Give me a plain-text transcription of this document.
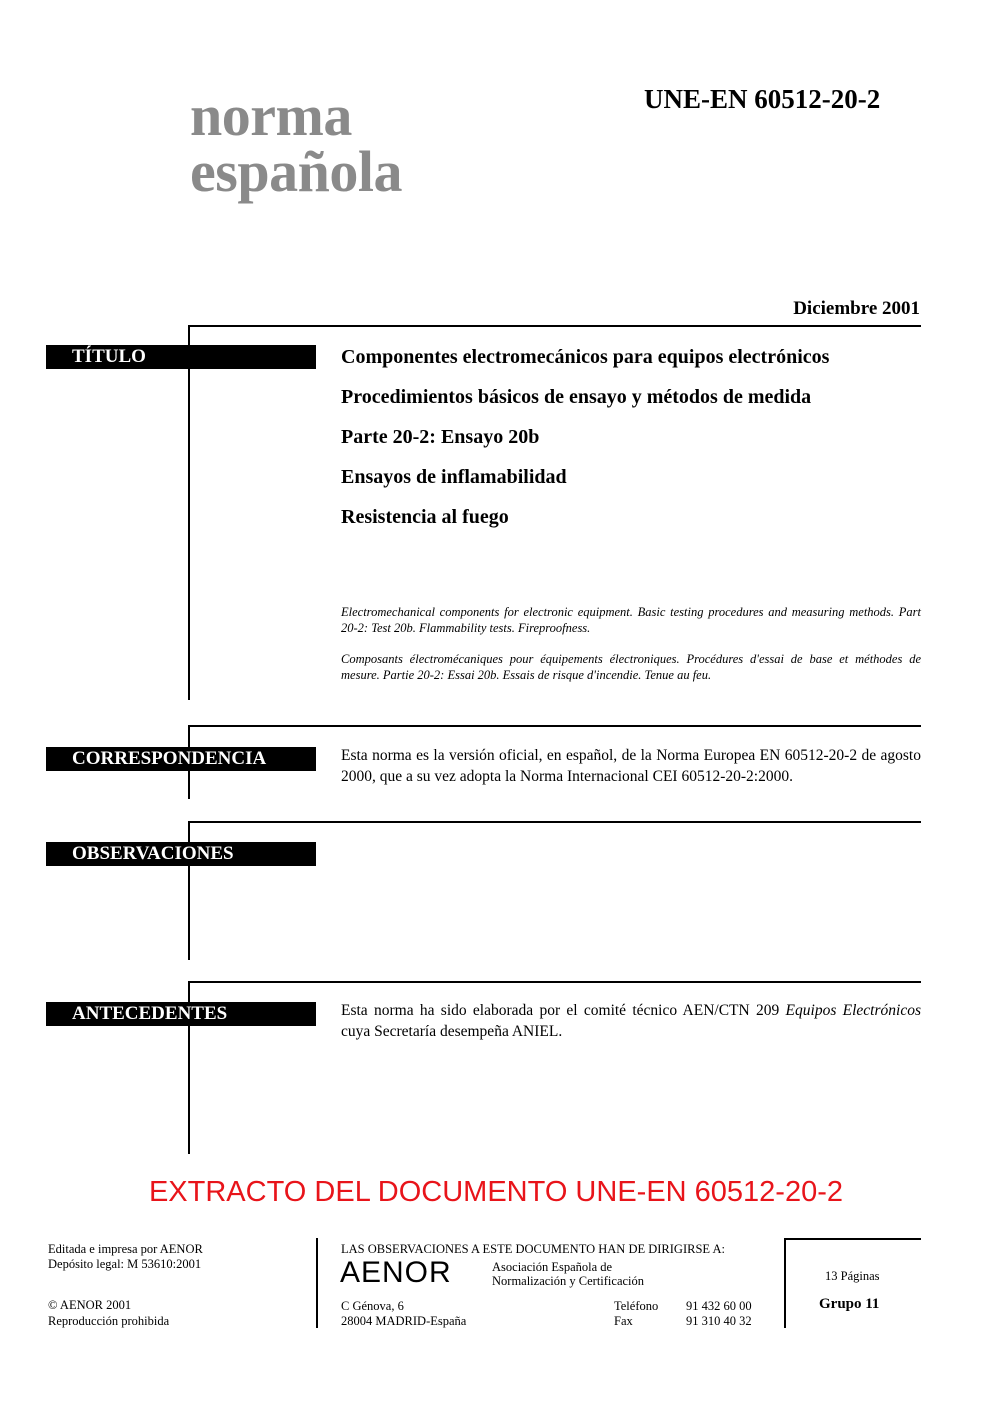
norma
española
UNE-EN 60512-20-2
Diciembre 2001
TÍTULO	Componentes electromecánicos para equipos electrónicos
Procedimientos básicos de ensayo y métodos de medida
Parte 20-2: Ensayo 20b
Ensayos de inflamabilidad
Resistencia al fuego
Electromechanical components for electronic equipment. Basic testing procedures and measuring methods. Part 20-2: Test 20b. Flammability tests. Fireproofness.
Composants électromécaniques pour équipements électroniques. Procédures d'essai de base et méthodes de mesure. Partie 20-2: Essai 20b. Essais de risque d'incendie. Tenue au feu.
CORRESPONDENCIA	Esta norma es la versión oficial, en español, de la Norma Europea EN 60512-20-2 de agosto 2000, que a su vez adopta la Norma Internacional CEI 60512-20-2:2000.
OBSERVACIONES
ANTECEDENTES	Esta norma ha sido elaborada por el comité técnico AEN/CTN 209 Equipos Electrónicos cuya Secretaría desempeña ANIEL.
EXTRACTO DEL DOCUMENTO UNE-EN 60512-20-2
Editada e impresa por AENOR
Depósito legal: M 53610:2001
© AENOR 2001
Reproducción prohibida
LAS OBSERVACIONES A ESTE DOCUMENTO HAN DE DIRIGIRSE A:
AENOR	Asociación Española de
Normalización y Certificación
C Génova, 6
28004 MADRID-España
Teléfono 91 432 60 00
Fax	91 310 40 32
13 Páginas
Grupo 11
